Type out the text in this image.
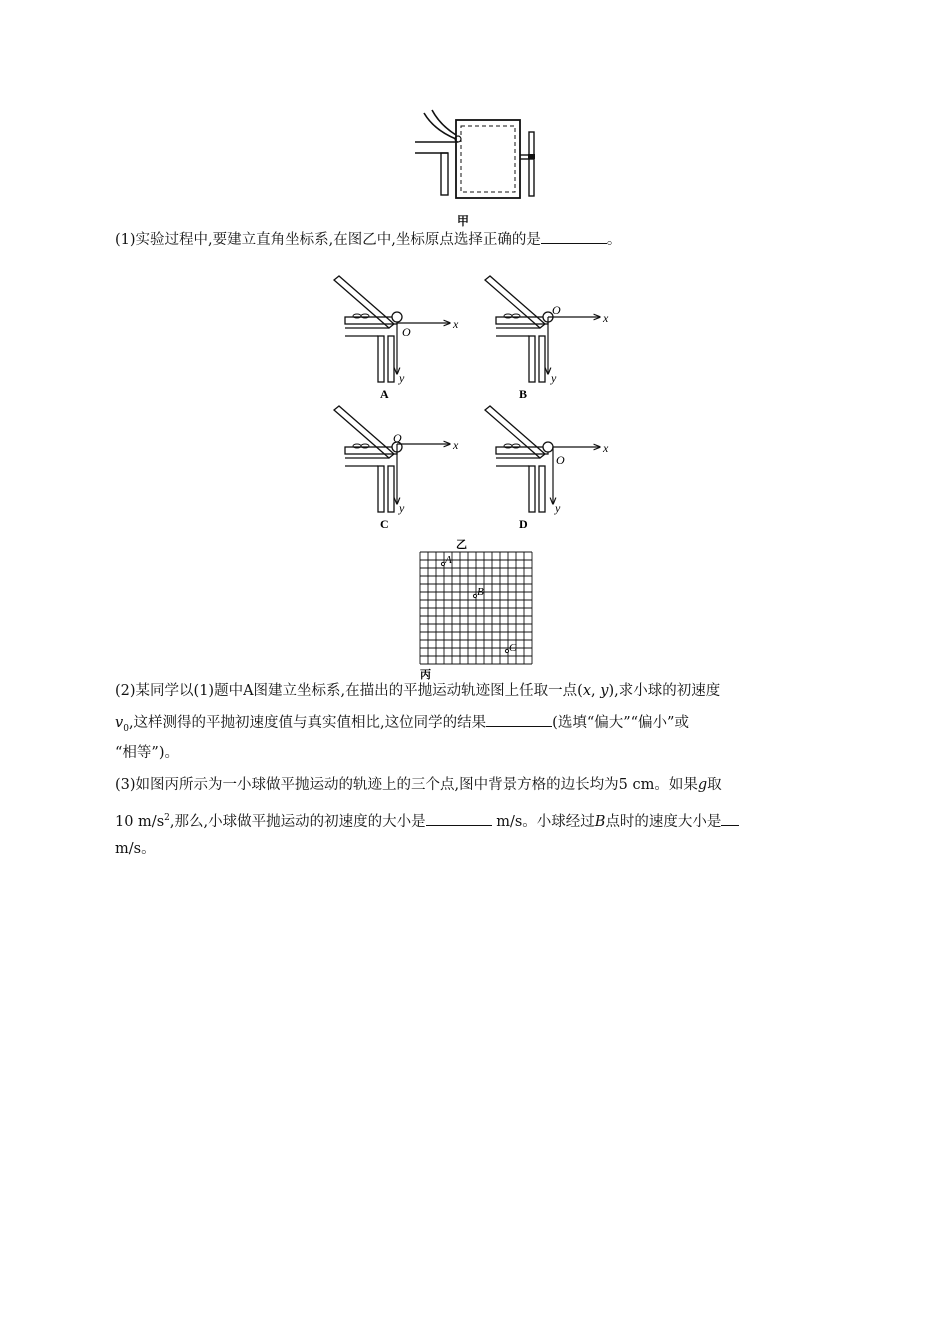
甲
(1)实验过程中,要建立直角坐标系,在图乙中,坐标原点选择正确的是	。
O
x
y
A
O
x
y
B
O	x
y
C
O
x
y
D
乙
A
B
C
丙
(2)某同学以(1)题中A图建立坐标系,在描出的平抛运动轨迹图上任取一点(x, y),求小球的初速度
$v_0$,这样测得的平抛初速度值与真实值相比,这位同学的结果	(选填“偏大”“偏小”或
“相等”)。
(3)如图丙所示为一小球做平抛运动的轨迹上的三个点,图中背景方格的边长均为5 cm。如果g取
10 $m/s^2$,那么,小球做平抛运动的初速度的大小是	m/s。小球经过B点时的速度大小是
m/s。
